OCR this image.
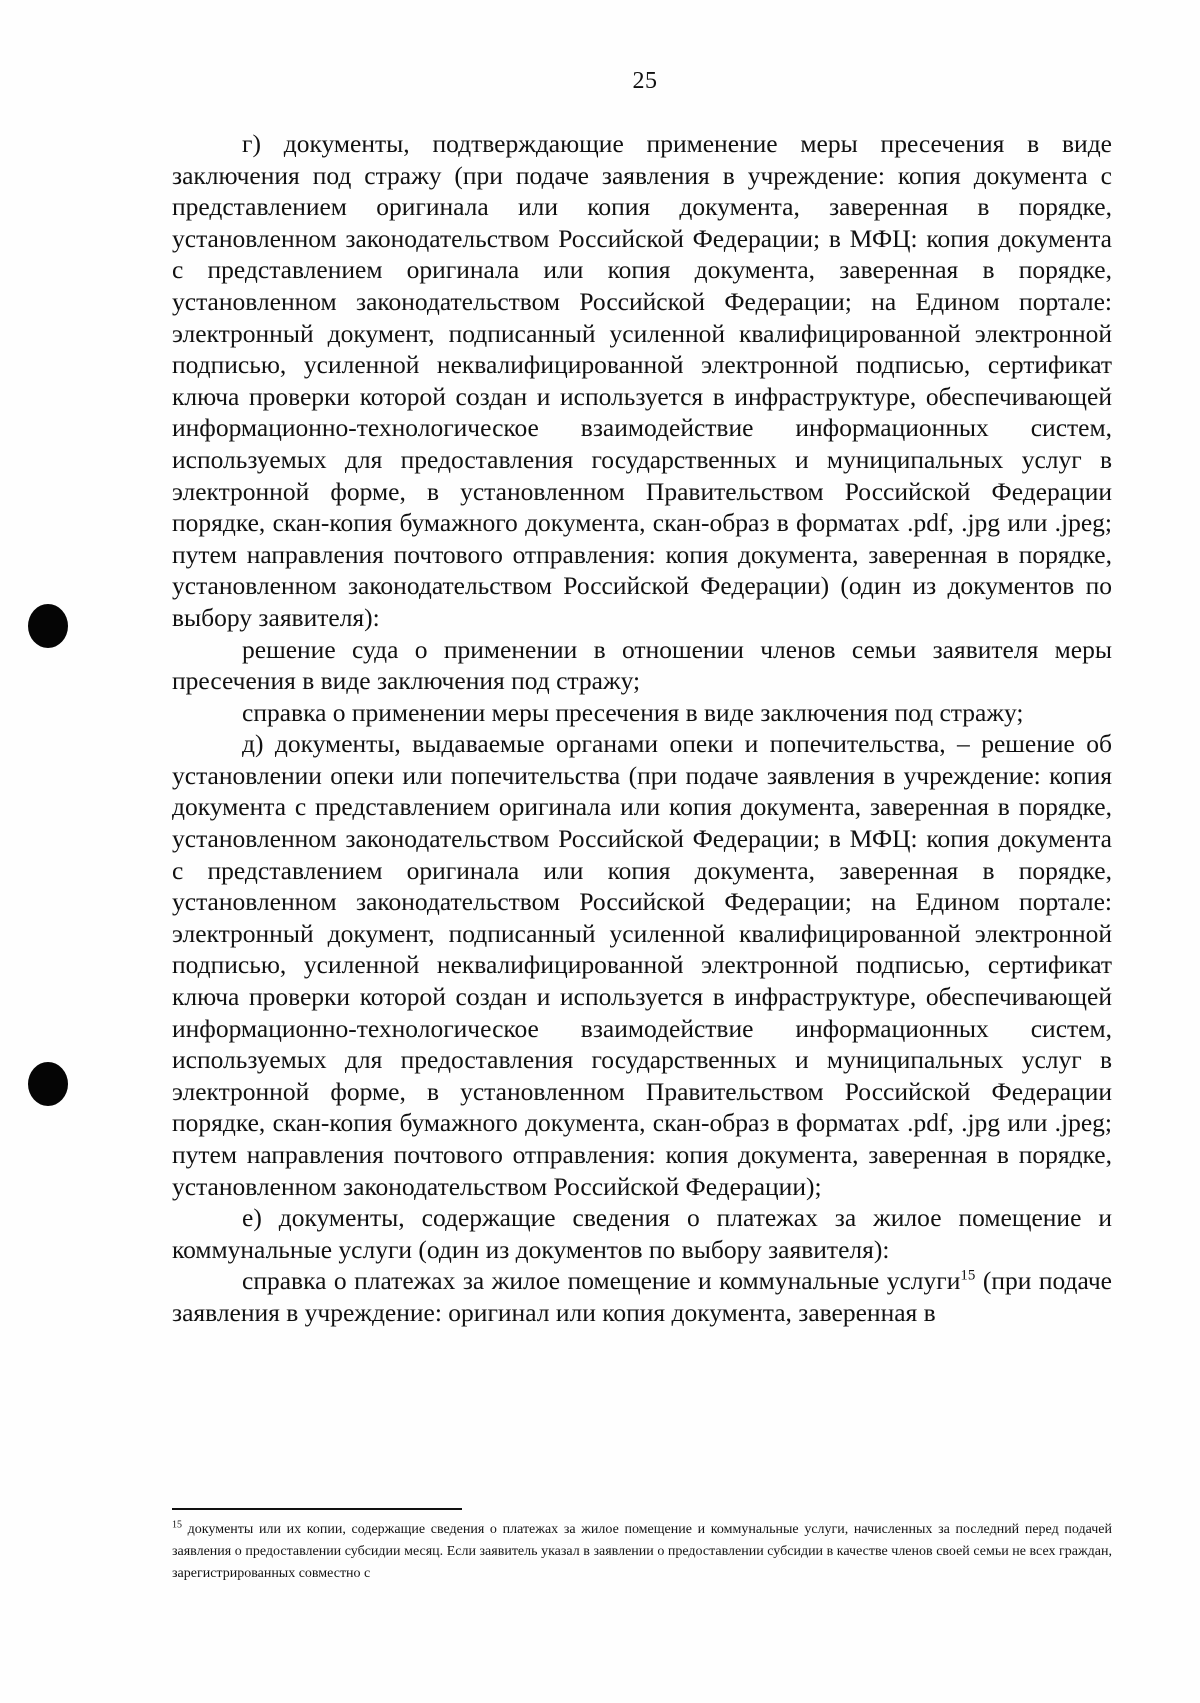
25

г) документы, подтверждающие применение меры пресечения в виде заключения под стражу (при подаче заявления в учреждение: копия документа с представлением оригинала или копия документа, заверенная в порядке, установленном законодательством Российской Федерации; в МФЦ: копия документа с представлением оригинала или копия документа, заверенная в порядке, установленном законодательством Российской Федерации; на Едином портале: электронный документ, подписанный усиленной квалифицированной электронной подписью, усиленной неквалифицированной электронной подписью, сертификат ключа проверки которой создан и используется в инфраструктуре, обеспечивающей информационно-технологическое взаимодействие информационных систем, используемых для предоставления государственных и муниципальных услуг в электронной форме, в установленном Правительством Российской Федерации порядке, скан-копия бумажного документа, скан-образ в форматах .pdf, .jpg или .jpeg; путем направления почтового отправления: копия документа, заверенная в порядке, установленном законодательством Российской Федерации) (один из документов по выбору заявителя):

решение суда о применении в отношении членов семьи заявителя меры пресечения в виде заключения под стражу;

справка о применении меры пресечения в виде заключения под стражу;

д) документы, выдаваемые органами опеки и попечительства, – решение об установлении опеки или попечительства (при подаче заявления в учреждение: копия документа с представлением оригинала или копия документа, заверенная в порядке, установленном законодательством Российской Федерации; в МФЦ: копия документа с представлением оригинала или копия документа, заверенная в порядке, установленном законодательством Российской Федерации; на Едином портале: электронный документ, подписанный усиленной квалифицированной электронной подписью, усиленной неквалифицированной электронной подписью, сертификат ключа проверки которой создан и используется в инфраструктуре, обеспечивающей информационно-технологическое взаимодействие информационных систем, используемых для предоставления государственных и муниципальных услуг в электронной форме, в установленном Правительством Российской Федерации порядке, скан-копия бумажного документа, скан-образ в форматах .pdf, .jpg или .jpeg; путем направления почтового отправления: копия документа, заверенная в порядке, установленном законодательством Российской Федерации);

е) документы, содержащие сведения о платежах за жилое помещение и коммунальные услуги (один из документов по выбору заявителя):

справка о платежах за жилое помещение и коммунальные услуги$^{15}$ (при подаче заявления в учреждение: оригинал или копия документа, заверенная в

$^{15}$ документы или их копии, содержащие сведения о платежах за жилое помещение и коммунальные услуги, начисленных за последний перед подачей заявления о предоставлении субсидии месяц. Если заявитель указал в заявлении о предоставлении субсидии в качестве членов своей семьи не всех граждан, зарегистрированных совместно с
